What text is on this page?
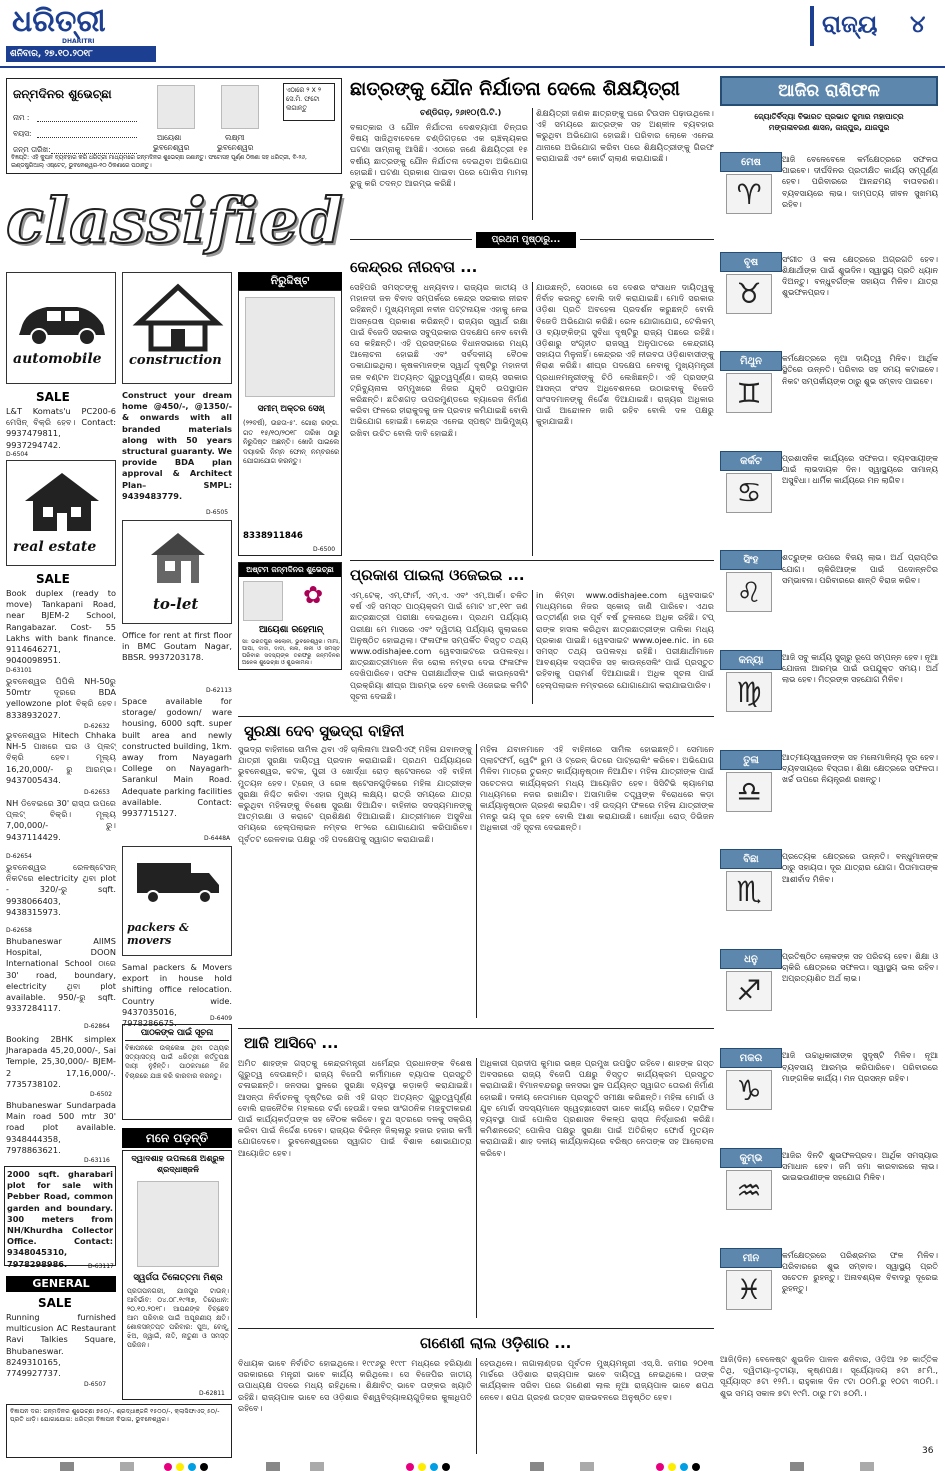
ଧରିତ୍ରୀ
DHARITRI
ଶନିବାର, ୨୭.୧୦.୨୦୧୮
ରାଜ୍ୟ ୪
ଜନ୍ମଦିନର ଶୁଭେଚ୍ଛା
ନାମ :
ବୟସ:
ଜନ୍ମ ତାରିଖ:
ଆୟେଶା
ଭୁବନେଶ୍ୱର
ଲକ୍ଷ୍ମୀ
ଭୁବନେଶ୍ୱର
ଏଠାରେ ୨ X ୨ ସେ.ମି. ଫଟୋ ଲଗାନ୍ତୁ
ବିଜ୍ଞପ୍ତି: ଏହି କୁପନ ବ୍ୟବହାର କରି ଧରିତ୍ରୀ ମାଧ୍ୟମରେ ଜନ୍ମଦିନର ଶୁଭେଚ୍ଛା ଜଣାନ୍ତୁ। ଫଟୋସହ ପୂର୍ଣ୍ଣ ଠିକଣା ସହ ଧରିତ୍ରୀ, ବି-୨୬, ଇଣ୍ଡଷ୍ଟ୍ରିଆଲ୍ ଏଷ୍ଟେଟ୍, ଭୁବନେଶ୍ୱର-୧୦ ଠିକଣାରେ ପଠାନ୍ତୁ।
classified
automobile
SALE
L&T Komats'u PC200-6 ମେସିନ୍ ବିକ୍ରି ହେବ। Contact: 9937479811, 9937294742.
D-6504
real estate
SALE
Book duplex (ready to move) Tankapani Road, near BJEM-2 School, Rangabazar. Cost- 55 Lakhs with bank finance. 9114646271, 9040098951.
D-63101
ଭୁବନେଶ୍ୱର ପିପିଲି NH-50ରୁ 50mtr ଦୂରରେ BDA yellowzone plot ବିକ୍ରି ହେବ। 8338932027.
D-62632
ଭୁବନେଶ୍ୱର Hitech Chhaka NH-5 ପାଖରେ ଘର ଓ ପ୍ଲଟ୍ ବିକ୍ରି ହେବ। ମୂଲ୍ୟ 16,20,000/- ରୁ ଆରମ୍ଭ। 9437005434.
D-62653
NH ଡିବେଇରେ 30' ରାସ୍ତା ଉପରେ ପ୍ଲଟ୍ ବିକ୍ରି। ମୂଲ୍ୟ 7,00,000/- ରୁ। 9437114429.
D-62654
ଭୁବନେଶ୍ୱର ରେଳଷ୍ଟେସନ୍ ନିକଟରେ electricity ଥିବା plot - 320/-ରୁ sqft. 9938066403, 9438315973.
D-62658
Bhubaneswar AIIMS Hospital, DOON International School ଠାରେ 30' road, boundary, electricity ଥିବା plot available. 950/-ରୁ sqft. 9337284117.
D-62864
Booking 2BHK simplex Jharapada 45,20,000/-, Sai Temple, 25,30,000/- BJEM-2 17,16,000/-. 7735738102.
D-6502
Bhubaneswar Sundarpada Main road 500 mtr 30' road plot available. 9348444358, 7978863621.
D-63116
2000 sqft. gharabari plot for sale with Pebber Road, common garden and boundary. 300 meters from NH/Khurdha Collector Office. Contact: 9348045310, 7978298986.	D-63117
GENERAL
SALE
Running furnished multicusion AC Restaurant Ravi Talkies Square, Bhubaneswar. 8249310165, 7749927737.
D-6507
construction
Construct your dream home @450/-, @1350/- & onwards with all branded materials along with 50 years structural guaranty. We provide BDA plan approval & Architect Plan– SMPL: 9439483779.
D-6505
to-let
Office for rent at first floor in BMC Goutam Nagar, BBSR. 9937203178.
D-62113
Space available for storage/ godown/ ware housing, 6000 sqft. super built area and newly constructed building, 1km. away from Nayagarh College on Nayagarh-Sarankul Main Road. Adequate parking facilities available. Contact: 9937715127.
D-6448A
packers & movers
Samal packers & Movers export in house hold shifting office relocation. Country wide. 9437035016, 7978286675.	D-6409
ପାଠକଙ୍କ ପାଇଁ ସୂଚନା
ବିଜ୍ଞାପନରେ ଉଲ୍ଲେଖ ଥିବା ତଥ୍ୟର ସତ୍ୟାସତ୍ୟ ପାଇଁ ଧରିତ୍ରୀ କର୍ତ୍ତୃପକ୍ଷ ଦାୟୀ ନୁହଁନ୍ତି। ପାଠକମାନେ ନିଜ ବିଚାରରେ ଯାଞ୍ଚ କରି କାରବାର କରନ୍ତୁ।
ମନେ ପଡ଼ନ୍ତି
ଦ୍ୱାଦଶାହ ଉପଲକ୍ଷେ ଅଶ୍ରୁଳ ଶ୍ରଦ୍ଧାଞ୍ଜଳି
ସ୍ୱର୍ଗତା ତିଳୋତ୍ତମା ମିଶ୍ର
ପ୍ରତାପନଗରୀ, ଯାଜପୁର ଟାଉନ୍। ଆବିର୍ଭାବ: ୦୪.୦୮.୧୯୩୭, ତିରୋଧାନ: ୨୦.୧୦.୨୦୧୮। ଆପଣଙ୍କ ବିଚ୍ଛେଦ ଆମ ପରିବାର ପାଇଁ ଅପୂରଣୀୟ କ୍ଷତି। ଶୋକସନ୍ତପ୍ତ ପରିବାର: ପୁଅ, ବୋହୂ, ଝିଅ, ଜ୍ୱାଇଁ, ନାତି, ନାତୁଣୀ ଓ ସମସ୍ତ ପରିଜନ।
D-62811
ବିଜ୍ଞାପନ ଦର: ଜନ୍ମଦିନର ଶୁଭେଚ୍ଛା ୭୫୦/-, ଶ୍ରଦ୍ଧାଞ୍ଜଳି ୧୫୦୦/-, କ୍ଲାସିଫାଏଡ୍ ୫୦/- ପ୍ରତି ଧାଡ଼ି। ଯୋଗାଯୋଗ: ଧରିତ୍ରୀ ବିଜ୍ଞାପନ ବିଭାଗ, ଭୁବନେଶ୍ୱର।
ନିରୁଦ୍ଦିଷ୍ଟ
ସମୀମ୍ ଅକ୍ତର ସେଖ୍
(୨୨ବର୍ଷ), ଉଚ୍ଚତା-୫'. ଗୋରା ରଙ୍ଗ. ଗତ ୧୫/୧୦/୨୦୧୮ ତାରିଖ ଠାରୁ ନିରୁଦ୍ଦିଷ୍ଟ ଅଛନ୍ତି। ଖୋଜି ପାଇଲେ ଦୟାକରି ନିମ୍ନ ଫୋନ୍ ନମ୍ବରରେ ଯୋଗାଯୋଗ କରନ୍ତୁ।
8338911846
D-6500
ଅଷ୍ଟମ ଜନ୍ମଦିନର ଶୁଭେଚ୍ଛା
✿
ଆୟେଶା ରହେମାନ୍
ସା: ଭରତପୁର କଲୋନୀ, ଭୁବନେଶ୍ୱର। ମାମା, ପାପା, ଦାଦା, ଦାଦୀ, ନାନା, ନାନୀ ଓ ସମସ୍ତ ପରିବାର ସଦସ୍ୟଙ୍କ ତରଫରୁ ଜନ୍ମଦିନର ଅନେକ ଶୁଭେଚ୍ଛା ଓ ଶୁଭକାମନା।
ଛାତ୍ରଙ୍କୁ ଯୌନ ନିର୍ଯାତନା ଦେଲେ ଶିକ୍ଷୟିତ୍ରୀ
ଚଣ୍ଡିଗଡ଼, ୨୬ା୧୦(ପି.ଟି.)
ବଳାତ୍କାର ଓ ଯୌନ ନିର୍ଯାତନା ଦେଶବ୍ୟାପୀ ଚିନ୍ତାର ବିଷୟ ସାଜିଥିବାବେଳେ ଚଣ୍ଡିଗଡ଼ରେ ଏକ ଚାଞ୍ଚଲ୍ୟକର ଘଟଣା ସାମ୍ନାକୁ ଆସିଛି। ଏଠାରେ ଜଣେ ଶିକ୍ଷୟିତ୍ରୀ ୧୫ ବର୍ଷୀୟ ଛାତ୍ରଙ୍କୁ ଯୌନ ନିର୍ଯାତନା ଦେଇଥିବା ଅଭିଯୋଗ ହୋଇଛି। ଘଟଣା ପ୍ରକାଶ ପାଇବା ପରେ ପୋଲିସ ମାମଲା ରୁଜୁ କରି ତଦନ୍ତ ଆରମ୍ଭ କରିଛି।
ଶିକ୍ଷୟିତ୍ରୀ ଜଣକ ଛାତ୍ରଙ୍କୁ ଘରେ ଟିଉସନ ପଢ଼ାଉଥିଲେ। ଏହି ସମୟରେ ଛାତ୍ରଙ୍କ ସହ ଅଶ୍ଳୀଳ ବ୍ୟବହାର କରୁଥିବା ଅଭିଯୋଗ ହୋଇଛି। ପରିବାର ଲୋକେ ଏନେଇ ଥାନାରେ ଅଭିଯୋଗ କରିବା ପରେ ଶିକ୍ଷୟିତ୍ରୀଙ୍କୁ ଗିରଫ କରାଯାଇଛି ଏବଂ କୋର୍ଟ ଚାଲାଣ କରାଯାଇଛି।
ପ୍ରଥମ ପୃଷ୍ଠାରୁ...
କେନ୍ଦ୍ରର ନୀରବତା ...
ସେହିପରି ସମସ୍ତଙ୍କୁ ଧନ୍ୟବାଦ। ରାଜ୍ୟର ଜାତୀୟ ଓ ମହାନଦୀ ଜଳ ବିବାଦ ସମ୍ପର୍କରେ କେନ୍ଦ୍ର ସରକାର ନୀରବ ରହିଛନ୍ତି। ମୁଖ୍ୟମନ୍ତ୍ରୀ ନବୀନ ପଟ୍ଟନାୟକ ଏହାକୁ ନେଇ ଅସନ୍ତୋଷ ପ୍ରକାଶ କରିଛନ୍ତି। ରାଜ୍ୟର ସ୍ୱାର୍ଥ ରକ୍ଷା ପାଇଁ ବିଜେଡି ସରକାର ସବୁପ୍ରକାର ପଦକ୍ଷେପ ନେବ ବୋଲି ସେ କହିଛନ୍ତି। ଏହି ପ୍ରସଙ୍ଗରେ ବିଧାନସଭାରେ ମଧ୍ୟ ଆଲୋଚନା ହୋଇଛି ଏବଂ ସର୍ବଦଳୀୟ ବୈଠକ ଡକାଯାଇଥିଲା। କୃଷକମାନଙ୍କ ସ୍ୱାର୍ଥ ଦୃଷ୍ଟିରୁ ମହାନଦୀ ଜଳ ବଣ୍ଟନ ଅତ୍ୟନ୍ତ ଗୁରୁତ୍ୱପୂର୍ଣ୍ଣ। ରାଜ୍ୟ ସରକାର ଟ୍ରିବ୍ୟୁନାଲ ସମ୍ମୁଖରେ ନିଜର ଯୁକ୍ତି ଉପସ୍ଥାପନ କରିଛନ୍ତି। ଛତିଶଗଡ଼ ଉପରମୁଣ୍ଡରେ ବ୍ୟାରେଜ ନିର୍ମାଣ କରିବା ଫଳରେ ହୀରାକୁଦକୁ ଜଳ ପ୍ରବାହ କମିଯାଇଛି ବୋଲି ଅଭିଯୋଗ ହୋଇଛି। କେନ୍ଦ୍ର ଏନେଇ ସ୍ପଷ୍ଟ ଆଭିମୁଖ୍ୟ ରଖିବା ଉଚିତ ବୋଲି ଦାବି ହୋଇଛି।
ଯାଉଛନ୍ତି, ସେଠାରେ ସେ ଦେଶର ସଂସାଧନ ଦାୟିତ୍ୱକୁ ନିର୍ବାହ କରନ୍ତୁ ବୋଲି ଦାବି କରାଯାଇଛି। ମୋଦି ସରକାର ଓଡ଼ିଶା ପ୍ରତି ଅବହେଳା ପ୍ରଦର୍ଶନ କରୁଛନ୍ତି ବୋଲି ବିଜେଡି ଅଭିଯୋଗ କରିଛି। ରେଳ ଯୋଗାଯୋଗ, ଟେଲିକମ୍ ଓ ବ୍ୟାଙ୍କିଙ୍ଗ ସୁବିଧା ଦୃଷ୍ଟିରୁ ରାଜ୍ୟ ପଛରେ ରହିଛି। ଓଡ଼ିଶାରୁ ସଂଗୃହୀତ ରାଜସ୍ୱ ଅନୁପାତରେ କେନ୍ଦ୍ରୀୟ ସହାୟତା ମିଳୁନାହିଁ। କେନ୍ଦ୍ରର ଏହି ନୀରବତା ଓଡ଼ିଶାବାସୀଙ୍କୁ ନିରାଶ କରିଛି। ଶୀଘ୍ର ପଦକ୍ଷେପ ନେବାକୁ ମୁଖ୍ୟମନ୍ତ୍ରୀ ପ୍ରଧାନମନ୍ତ୍ରୀଙ୍କୁ ଚିଠି ଲେଖିଛନ୍ତି। ଏହି ପ୍ରସଙ୍ଗ ଆସନ୍ତା ସଂସଦ ଅଧିବେଶନରେ ଉଠାଇବାକୁ ବିଜେଡି ସାଂସଦମାନଙ୍କୁ ନିର୍ଦ୍ଦେଶ ଦିଆଯାଇଛି। ରାଜ୍ୟର ଅଧିକାର ପାଇଁ ଆନ୍ଦୋଳନ ଜାରି ରହିବ ବୋଲି ଦଳ ପକ୍ଷରୁ କୁହାଯାଇଛି।
ପ୍ରକାଶ ପାଇଲା ଓଜେଇଇ ...
ଏମ୍.ଟେକ୍, ଏମ୍.ଫାର୍ମ, ଏମ୍.ଏ. ଏବଂ ଏମ୍.ଆର୍କ। ଚଳିତ ବର୍ଷ ଏହି ସମସ୍ତ ପାଠ୍ୟକ୍ରମ ପାଇଁ ମୋଟ ୪୮,୧୧୮ ଜଣ ଛାତ୍ରଛାତ୍ରୀ ପରୀକ୍ଷା ଦେଇଥିଲେ। ପ୍ରଥମ ପର୍ଯ୍ୟାୟ ପରୀକ୍ଷା ମେ ମାସରେ ଏବଂ ଦ୍ୱିତୀୟ ପର୍ଯ୍ୟାୟ ଜୁଲାଇରେ ଅନୁଷ୍ଠିତ ହୋଇଥିଲା। ଫଳାଫଳ ସମ୍ପର୍କିତ ବିସ୍ତୃତ ତଥ୍ୟ www.odishajee.com ୱେବସାଇଟରେ ଉପଲବ୍ଧ। ଛାତ୍ରଛାତ୍ରୀମାନେ ନିଜ ରୋଲ ନମ୍ବର ଦେଇ ଫଳାଫଳ ଦେଖିପାରିବେ। ସଫଳ ପରୀକ୍ଷାର୍ଥୀଙ୍କ ପାଇଁ କାଉନ୍ସେଲିଂ ପ୍ରକ୍ରିୟା ଶୀଘ୍ର ଆରମ୍ଭ ହେବ ବୋଲି ଓଜେଇଇ କମିଟି ସୂଚନା ଦେଇଛି।
in କିମ୍ବା www.odishajee.com ୱେବସାଇଟ ମାଧ୍ୟମରେ ନିଜର ସ୍କୋର୍ ଜାଣି ପାରିବେ। ଏଥର ଉତ୍ତୀର୍ଣ୍ଣ ହାର ପୂର୍ବ ବର୍ଷ ତୁଳନାରେ ଅଧିକ ରହିଛି। ଟପ୍ ରାଙ୍କ ହାସଲ କରିଥିବା ଛାତ୍ରଛାତ୍ରୀଙ୍କ ତାଲିକା ମଧ୍ୟ ପ୍ରକାଶ ପାଇଛି। ୱେବସାଇଟ www.ojee.nic. in ରେ ସମସ୍ତ ତଥ୍ୟ ଉପଲବ୍ଧ ରହିଛି। ପରୀକ୍ଷାର୍ଥୀମାନେ ଆବଶ୍ୟକ ଦସ୍ତାବିଜ ସହ କାଉନ୍ସେଲିଂ ପାଇଁ ପ୍ରସ୍ତୁତ ରହିବାକୁ ପରାମର୍ଶ ଦିଆଯାଇଛି। ଅଧିକ ସୂଚନା ପାଇଁ ହେଲ୍ପଲାଇନ ନମ୍ବରରେ ଯୋଗାଯୋଗ କରାଯାଇପାରିବ।
ସୁରକ୍ଷା ଦେବ ସୁଭଦ୍ରା ବାହିନୀ
ସୁଭଦ୍ରା ବାହିନୀରେ ସାମିଲ ଥିବା ଏହି ଚାଲିନାମା ଆରପିଏଫ୍ ମହିଳା ଯବାନଙ୍କୁ ଯାତ୍ରୀ ସୁରକ୍ଷା ଦାୟିତ୍ୱ ପ୍ରଦାନ କରାଯାଇଛି। ପ୍ରଥମ ପର୍ଯ୍ୟାୟରେ ଭୁବନେଶ୍ୱର, କଟକ, ପୁରୀ ଓ ଖୋର୍ଦ୍ଧା ରୋଡ଼ ଷ୍ଟେସନରେ ଏହି ବାହିନୀ ମୁତୟନ ହେବ। ଟ୍ରେନ୍ ଓ ରେଳ ଷ୍ଟେସନଗୁଡ଼ିକରେ ମହିଳା ଯାତ୍ରୀଙ୍କ ସୁରକ୍ଷା ନିଶ୍ଚିତ କରିବା ଏହାର ମୁଖ୍ୟ ଲକ୍ଷ୍ୟ। ରାତ୍ରି ସମୟରେ ଯାତ୍ରା କରୁଥିବା ମହିଳାଙ୍କୁ ବିଶେଷ ସୁରକ୍ଷା ଦିଆଯିବ। ବାହିନୀର ସଦସ୍ୟମାନଙ୍କୁ ଆତ୍ମରକ୍ଷା ଓ କରାଟେ ପ୍ରଶିକ୍ଷଣ ଦିଆଯାଇଛି। ଯାତ୍ରୀମାନେ ଅସୁବିଧା ସମୟରେ ହେଲ୍ପଲାଇନ ନମ୍ବର ୧୮୨ରେ ଯୋଗାଯୋଗ କରିପାରିବେ। ପୂର୍ବତଟ ରେଳବାଇ ପକ୍ଷରୁ ଏହି ପଦକ୍ଷେପକୁ ସ୍ୱାଗତ କରାଯାଇଛି।
ମହିଳା ଯବାନମାନେ ଏହି ବାହିନୀରେ ସାମିଲ ହୋଇଛନ୍ତି। ସେମାନେ ପ୍ଲାଟଫର୍ମ, ୱେଟିଂ ରୁମ ଓ ଟ୍ରେନ୍ ଭିତରେ ପାଟ୍ରୋଲିଂ କରିବେ। ଅଭିଯୋଗ ମିଳିବା ମାତ୍ରେ ତୁରନ୍ତ କାର୍ଯ୍ୟାନୁଷ୍ଠାନ ନିଆଯିବ। ମହିଳା ଯାତ୍ରୀଙ୍କ ପାଇଁ ସଚେତନତା କାର୍ଯ୍ୟକ୍ରମ ମଧ୍ୟ ଆୟୋଜିତ ହେବ। ସିସିଟିଭି କ୍ୟାମେରା ମାଧ୍ୟମରେ ନଜର ରଖାଯିବ। ଅସାମାଜିକ ତତ୍ତ୍ୱଙ୍କ ବିରୋଧରେ କଡ଼ା କାର୍ଯ୍ୟାନୁଷ୍ଠାନ ଗ୍ରହଣ କରାଯିବ। ଏହି ଉଦ୍ୟମ ଫଳରେ ମହିଳା ଯାତ୍ରୀଙ୍କ ମନରୁ ଭୟ ଦୂର ହେବ ବୋଲି ଆଶା କରାଯାଉଛି। ଖୋର୍ଦ୍ଧା ରୋଡ୍ ଡିଭିଜନ ଅଧିକାରୀ ଏହି ସୂଚନା ଦେଇଛନ୍ତି।
ଆଜି ଆସିବେ ...
ଅମିତ ଶାହଙ୍କ ଗସ୍ତକୁ କେନ୍ଦ୍ରମନ୍ତ୍ରୀ ଧର୍ମେନ୍ଦ୍ର ପ୍ରଧାନଙ୍କ ବିଶେଷ ଗୁରୁତ୍ୱ ଦେଉଛନ୍ତି। ରାଜ୍ୟ ବିଜେପି କର୍ମୀମାନେ ବ୍ୟାପକ ପ୍ରସ୍ତୁତି ଚଳାଇଛନ୍ତି। ଜନସଭା ସ୍ଥଳରେ ସୁରକ୍ଷା ବ୍ୟବସ୍ଥା କଡ଼ାକଡ଼ି କରାଯାଇଛି। ଆସନ୍ତା ନିର୍ବାଚନକୁ ଦୃଷ୍ଟିରେ ରଖି ଏହି ଗସ୍ତ ଅତ୍ୟନ୍ତ ଗୁରୁତ୍ୱପୂର୍ଣ୍ଣ ବୋଲି ରାଜନୈତିକ ମହଲରେ ଚର୍ଚ୍ଚା ହେଉଛି। ଦଳର ସାଂଗଠନିକ ମଜବୁତୀକରଣ ପାଇଁ କାର୍ଯ୍ୟକର୍ତ୍ତାଙ୍କ ସହ ବୈଠକ କରିବେ। ବୁଥ ସ୍ତରରେ ଦଳକୁ ସକ୍ରିୟ କରିବା ପାଇଁ ନିର୍ଦ୍ଦେଶ ଦେବେ। ରାଜ୍ୟର ବିଭିନ୍ନ ଜିଲ୍ଲାରୁ ହଜାର ହଜାର କର୍ମୀ ଯୋଗଦେବେ। ଭୁବନେଶ୍ୱରରେ ସ୍ୱାଗତ ପାଇଁ ବିଶାଳ ଶୋଭାଯାତ୍ରା ଆୟୋଜିତ ହେବ।
ଅଧିକାରୀ ପ୍ରଦୀପ କୁମାର ଭଞ୍ଜ ପ୍ରମୁଖ ଉପସ୍ଥିତ ରହିବେ। ଶାହଙ୍କ ଗସ୍ତ ଅବସରରେ ରାଜ୍ୟ ବିଜେପି ପକ୍ଷରୁ ବିସ୍ତୃତ କାର୍ଯ୍ୟକ୍ରମ ପ୍ରସ୍ତୁତ କରାଯାଇଛି। ବିମାନବନ୍ଦରରୁ ଜନସଭା ସ୍ଥଳ ପର୍ଯ୍ୟନ୍ତ ସ୍ୱାଗତ ତୋରଣ ନିର୍ମାଣ ହୋଇଛି। ଦଳୀୟ ନେତାମାନେ ପ୍ରସ୍ତୁତି ସମୀକ୍ଷା କରିଛନ୍ତି। ମହିଳା ମୋର୍ଚ୍ଚା ଓ ଯୁବ ମୋର୍ଚ୍ଚା ସଦସ୍ୟମାନେ ସ୍ୱେଚ୍ଛାସେବୀ ଭାବେ କାର୍ଯ୍ୟ କରିବେ। ଟ୍ରାଫିକ ବ୍ୟବସ୍ଥା ପାଇଁ ପୋଲିସ ପ୍ରଶାସନ ବିକଳ୍ପ ରାସ୍ତା ନିର୍ଦ୍ଧାରଣ କରିଛି। କମିଶନରେଟ୍ ପୋଲିସ ପକ୍ଷରୁ ସୁରକ୍ଷା ପାଇଁ ଅତିରିକ୍ତ ଫୋର୍ସ ମୁତୟନ କରାଯାଇଛି। ଶାହ ଦଳୀୟ କାର୍ଯ୍ୟାଳୟରେ ବରିଷ୍ଠ ନେତାଙ୍କ ସହ ଆଲୋଚନା କରିବେ।
ଗଣେଶୀ ଲାଲ ଓଡ଼ିଶାର ...
ବିଧାୟକ ଭାବେ ନିର୍ବାଚିତ ହୋଇଥିଲେ। ୧୯୯୬ରୁ ୧୯୯୮ ମଧ୍ୟରେ ହରିୟାଣା ସରକାରରେ ମନ୍ତ୍ରୀ ଭାବେ କାର୍ଯ୍ୟ କରିଥିଲେ। ସେ ବିଜେପିର ଜାତୀୟ ଉପାଧ୍ୟକ୍ଷ ପଦରେ ମଧ୍ୟ ରହିଥିଲେ। ଶିକ୍ଷାବିତ୍ ଭାବେ ତାଙ୍କର ଖ୍ୟାତି ରହିଛି। ରାଜ୍ୟପାଳ ଭାବେ ସେ ଓଡ଼ିଶାର ବିଶ୍ୱବିଦ୍ୟାଳୟଗୁଡ଼ିକର କୁଳାଧିପତି ରହିବେ।
ହେଉଥିଲେ। ନାଗାଲାଣ୍ଡର ପୂର୍ବତନ ମୁଖ୍ୟମନ୍ତ୍ରୀ ଏସ୍.ସି. ଜମୀର ୨୦୧୩ ମାର୍ଚ୍ଚରେ ଓଡ଼ିଶାର ରାଜ୍ୟପାଳ ଭାବେ ଦାୟିତ୍ୱ ନେଇଥିଲେ। ତାଙ୍କ କାର୍ଯ୍ୟକାଳ ସରିବା ପରେ ଗଣେଶୀ ଲାଲ ନୂଆ ରାଜ୍ୟପାଳ ଭାବେ ଶପଥ ନେବେ। ଶପଥ ଗ୍ରହଣ ଉତ୍ସବ ରାଜଭବନରେ ଅନୁଷ୍ଠିତ ହେବ।
ଆଜିର ରାଶିଫଳ
ଜ୍ୟୋତିର୍ବିଦ୍ୟା ବିଭାରତ ପ୍ରଭାତ କୁମାର ମହାପାତ୍ର
ମଙ୍ଗଳାବରଣ ଶାସନ, ଜାଜ୍ପୁର, ଯାଜପୁର
ମେଷ
♈
ଆଜି ବେଳେବେଳେ କର୍ମକ୍ଷେତ୍ରରେ ସଫଳତା ପାଇବେ। ଦୀର୍ଘଦିନର ପ୍ରତୀକ୍ଷିତ କାର୍ଯ୍ୟ ସମ୍ପୂର୍ଣ୍ଣ ହେବ। ପରିବାରରେ ଆନନ୍ଦମୟ ବାତାବରଣ। ବ୍ୟବସାୟରେ ଲାଭ। ଦାମ୍ପତ୍ୟ ଜୀବନ ସୁଖମୟ ରହିବ।
ବୃଷ
♉
ସଂଗୀତ ଓ କଳା କ୍ଷେତ୍ରରେ ଅଗ୍ରଗତି ହେବ। ଶିକ୍ଷାର୍ଥୀଙ୍କ ପାଇଁ ଶୁଭଦିନ। ସ୍ୱାସ୍ଥ୍ୟ ପ୍ରତି ଧ୍ୟାନ ଦିଅନ୍ତୁ। ବନ୍ଧୁବର୍ଗଙ୍କ ସହାୟତା ମିଳିବ। ଯାତ୍ରା ଶୁଭଫଳପ୍ରଦ।
ମିଥୁନ
♊
କର୍ମକ୍ଷେତ୍ରରେ ନୂଆ ଦାୟିତ୍ୱ ମିଳିବ। ଆର୍ଥିକ ସ୍ଥିତିରେ ଉନ୍ନତି। ପରିବାର ସହ ସମୟ କଟାଇବେ। ନିକଟ ସମ୍ପର୍କୀୟଙ୍କ ଠାରୁ ଶୁଭ ସମ୍ବାଦ ପାଇବେ।
କର୍କଟ
♋
ପ୍ରଶାସନିକ କାର୍ଯ୍ୟରେ ସଫଳତା। ବ୍ୟବସାୟୀଙ୍କ ପାଇଁ ଲାଭଦାୟକ ଦିନ। ସ୍ୱାସ୍ଥ୍ୟରେ ସାମାନ୍ୟ ଅସୁବିଧା। ଧାର୍ମିକ କାର୍ଯ୍ୟରେ ମନ ଲାଗିବ।
ସିଂହ
♌
ଶତ୍ରୁଙ୍କ ଉପରେ ବିଜୟ ଲାଭ। ଅର୍ଥ ପ୍ରାପ୍ତିର ଯୋଗ। ଚାକିରିଆଙ୍କ ପାଇଁ ପଦୋନ୍ନତିର ସମ୍ଭାବନା। ପରିବାରରେ ଶାନ୍ତି ବିରାଜ କରିବ।
କନ୍ୟା
♍
ଆଜି ସବୁ କାର୍ଯ୍ୟ ସୁଚାରୁ ରୂପେ ସମ୍ପନ୍ନ ହେବ। ନୂଆ ଯୋଜନା ଆରମ୍ଭ ପାଇଁ ଉପଯୁକ୍ତ ସମୟ। ଅର୍ଥ ଲାଭ ହେବ। ମିତ୍ରଙ୍କ ସହଯୋଗ ମିଳିବ।
ତୁଳା
♎
ଆତ୍ମୀୟସ୍ୱଜନଙ୍କ ସହ ମନୋମାଳିନ୍ୟ ଦୂର ହେବ। ବ୍ୟବସାୟରେ ବିସ୍ତାର। ଶିକ୍ଷା କ୍ଷେତ୍ରରେ ସଫଳତା। ଖର୍ଚ୍ଚ ଉପରେ ନିୟନ୍ତ୍ରଣ ରଖନ୍ତୁ।
ବିଛା
♏
ପ୍ରତ୍ୟେକ କ୍ଷେତ୍ରରେ ଉନ୍ନତି। ବନ୍ଧୁମାନଙ୍କ ଠାରୁ ସହାୟତା। ଦୂର ଯାତ୍ରାର ଯୋଗ। ପିତାମାତାଙ୍କ ଆଶୀର୍ବାଦ ମିଳିବ।
ଧନୁ
♐
ପ୍ରତିଷ୍ଠିତ ଲୋକଙ୍କ ସହ ପରିଚୟ ହେବ। ଶିକ୍ଷା ଓ ଚାକିରି କ୍ଷେତ୍ରରେ ସଫଳତା। ସ୍ୱାସ୍ଥ୍ୟ ଭଲ ରହିବ। ଅପ୍ରତ୍ୟାଶିତ ଅର୍ଥ ଲାଭ।
ମକର
♑
ଆଜି ଉଚ୍ଚାଧିକାରୀଙ୍କ ସୁଦୃଷ୍ଟି ମିଳିବ। ନୂଆ ବ୍ୟବସାୟ ଆରମ୍ଭ କରିପାରିବେ। ପରିବାରରେ ମାଙ୍ଗଳିକ କାର୍ଯ୍ୟ। ମନ ପ୍ରସନ୍ନ ରହିବ।
କୁମ୍ଭ
♒
ଆଜିର ଦିନଟି ଶୁଭଫଳପ୍ରଦ। ଆର୍ଥିକ ସମସ୍ୟାର ସମାଧାନ ହେବ। ଜମି ଜମା କାରବାରରେ ଲାଭ। ଭାଇଭଉଣୀଙ୍କ ସହଯୋଗ ମିଳିବ।
ମୀନ
♓
କର୍ମକ୍ଷେତ୍ରରେ ପରିଶ୍ରମର ଫଳ ମିଳିବ। ପରିବାରରେ ଶୁଭ ସମ୍ବାଦ। ସ୍ୱାସ୍ଥ୍ୟ ପ୍ରତି ସଚେତନ ରୁହନ୍ତୁ। ଅନାବଶ୍ୟକ ବିବାଦରୁ ଦୂରେଇ ରୁହନ୍ତୁ।
ଆଜି(ଦିନ) ବେଳେଷ୍ଟ ଶୁଭଦିନ ପାଳନ ଶନିବାର, ଓଡ଼ିଆ ୨୭ କାର୍ତ୍ତିକ ତିଥି, ଦ୍ୱିତୀୟା-ତୃତୀୟା, କୃଷ୍ଣପକ୍ଷ। ସୂର୍ଯ୍ୟୋଦୟ ୫ଟା ୫୮ମି., ସୂର୍ଯ୍ୟାସ୍ତ ୫ଟା ୧୨ମି.। ରାହୁକାଳ ଦିନ ୯ଟା ୦୦ମି.ରୁ ୧୦ଟା ୩୦ମି.। ଶୁଭ ସମୟ ସକାଳ ୭ଟା ୧୯ମି. ଠାରୁ ୮ଟା ୫୦ମି.।
36
